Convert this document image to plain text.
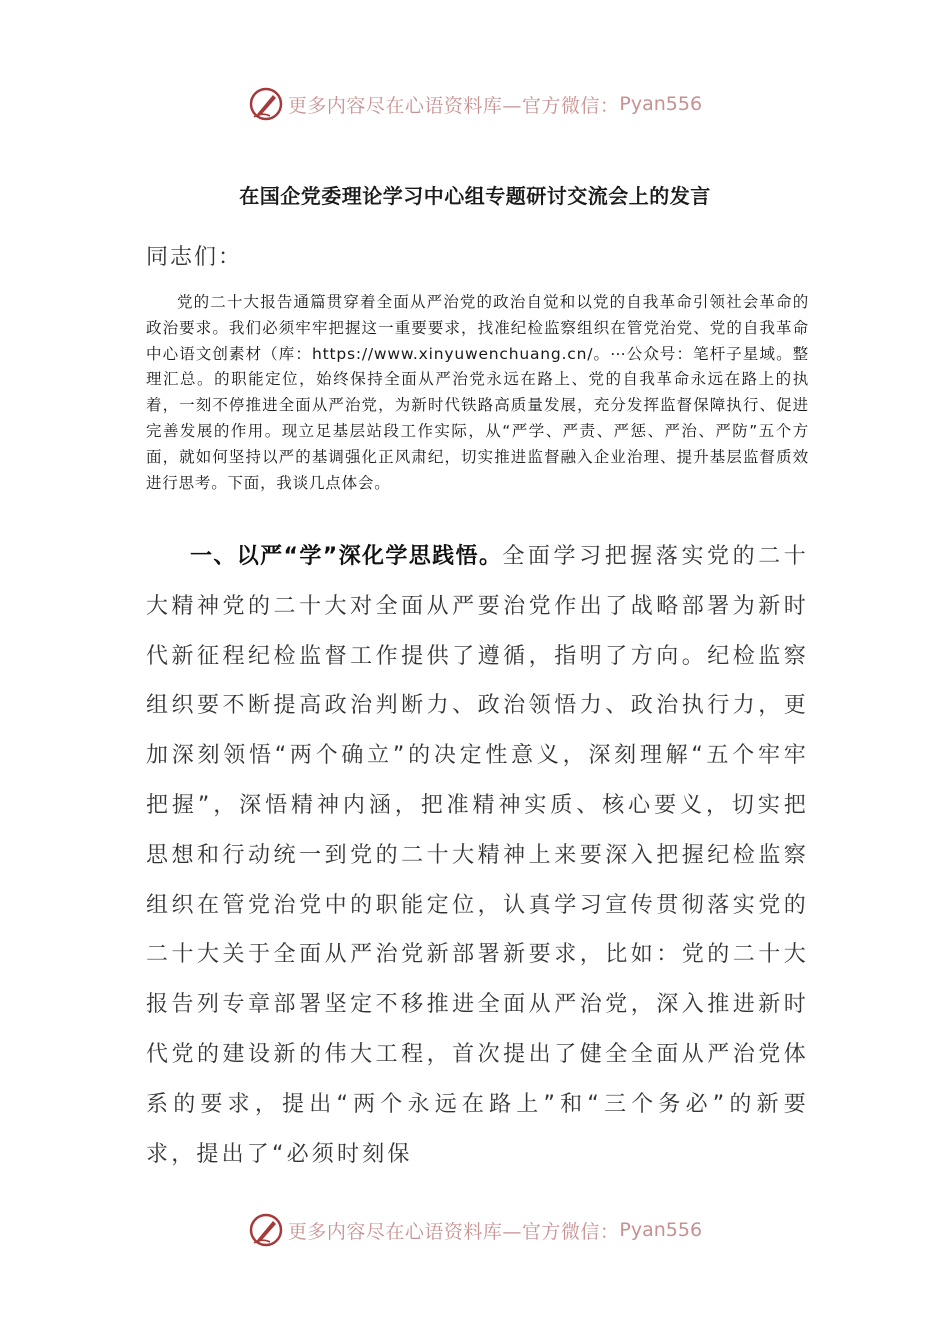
更多内容尽在心语资料库—官方微信： Pyan556
在国企党委理论学习中心组专题研讨交流会上的发言
同志们：

党的二十大报告通篇贯穿着全面从严治党的政治自觉和以党的自我革命引领社会革命的政治要求。我们必须牢牢把握这一重要要求，找准纪检监察组织在管党治党、党的自我革命中心语文创素材（库：https://www.xinyuwenchuang.cn/。⋯公众号：笔杆子星域。整理汇总。的职能定位，始终保持全面从严治党永远在路上、党的自我革命永远在路上的执着，一刻不停推进全面从严治党，为新时代铁路高质量发展，充分发挥监督保障执行、促进完善发展的作用。现立足基层站段工作实际，从“严学、严责、严惩、严治、严防”五个方面，就如何坚持以严的基调强化正风肃纪，切实推进监督融入企业治理、提升基层监督质效进行思考。下面，我谈几点体会。

一、以严“学”深化学思践悟。全面学习把握落实党的二十大精神党的二十大对全面从严要治党作出了战略部署为新时代新征程纪检监督工作提供了遵循，指明了方向。纪检监察组织要不断提高政治判断力、政治领悟力、政治执行力，更加深刻领悟“两个确立”的决定性意义，深刻理解“五个牢牢把握”，深悟精神内涵，把准精神实质、核心要义，切实把思想和行动统一到党的二十大精神上来要深入把握纪检监察组织在管党治党中的职能定位，认真学习宣传贯彻落实党的二十大关于全面从严治党新部署新要求，比如：党的二十大报告列专章部署坚定不移推进全面从严治党，深入推进新时代党的建设新的伟大工程，首次提出了健全全面从严治党体系的要求，提出“两个永远在路上”和“三个务必”的新要求，提出了“必须时刻保

更多内容尽在心语资料库—官方微信： Pyan556
